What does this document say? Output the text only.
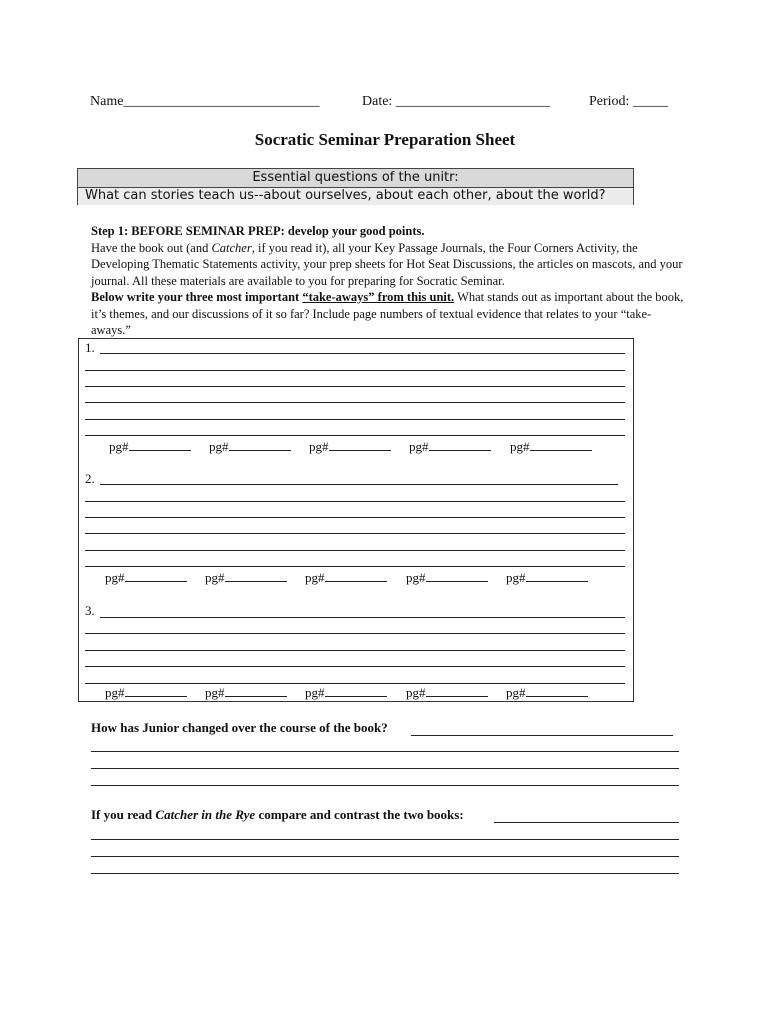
Name____________________________	Date: ______________________	Period: _____
Socratic Seminar Preparation Sheet
Essential questions of the unitr:
What can stories teach us--about ourselves, about each other, about the world?

Step 1: BEFORE SEMINAR PREP: develop your good points.

Have the book out (and Catcher, if you read it), all your Key Passage Journals, the Four Corners Activity, the Developing Thematic Statements activity, your prep sheets for Hot Seat Discussions, the articles on mascots, and your journal. All these materials are available to you for preparing for Socratic Seminar.

Below write your three most important “take-aways” from this unit. What stands out as important about the book, it’s themes, and our discussions of it so far? Include page numbers of textual evidence that relates to your “take-aways.”

1.
pg#	pg#	pg#	pg#	pg#
2.
pg#	pg#	pg#	pg#	pg#
3.
pg#	pg#	pg#	pg#	pg#
How has Junior changed over the course of the book?
If you read Catcher in the Rye compare and contrast the two books:
